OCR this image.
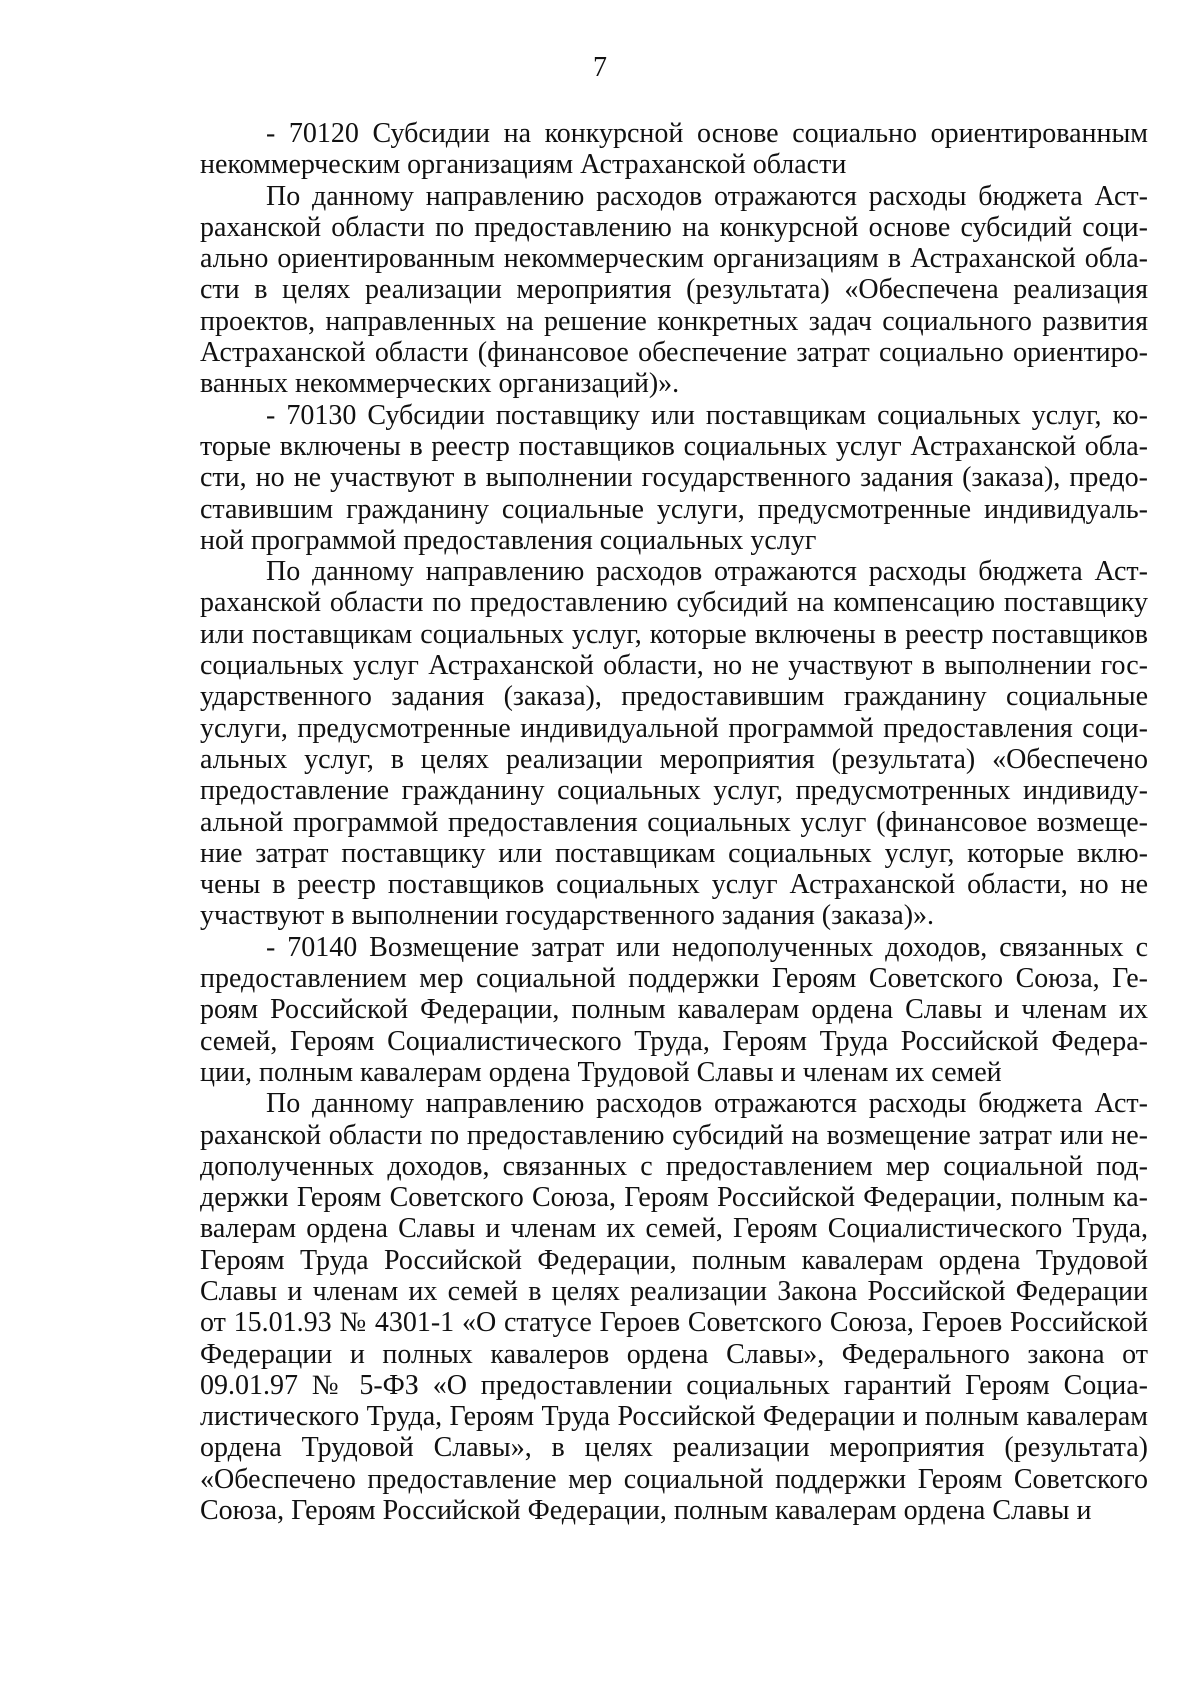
7

- 70120 Субсидии на конкурсной основе социально ориентированным некоммерческим организациям Астраханской области

По данному направлению расходов отражаются расходы бюджета Астраханской области по предоставлению на конкурсной основе субсидий социально ориентированным некоммерческим организациям в Астраханской области в целях реализации мероприятия (результата) «Обеспечена реализация проектов, направленных на решение конкретных задач социального развития Астраханской области (финансовое обеспечение затрат социально ориентированных некоммерческих организаций)».

- 70130 Субсидии поставщику или поставщикам социальных услуг, которые включены в реестр поставщиков социальных услуг Астраханской области, но не участвуют в выполнении государственного задания (заказа), предоставившим гражданину социальные услуги, предусмотренные индивидуальной программой предоставления социальных услуг

По данному направлению расходов отражаются расходы бюджета Астраханской области по предоставлению субсидий на компенсацию поставщику или поставщикам социальных услуг, которые включены в реестр поставщиков социальных услуг Астраханской области, но не участвуют в выполнении государственного задания (заказа), предоставившим гражданину социальные услуги, предусмотренные индивидуальной программой предоставления социальных услуг, в целях реализации мероприятия (результата) «Обеспечено предоставление гражданину социальных услуг, предусмотренных индивидуальной программой предоставления социальных услуг (финансовое возмещение затрат поставщику или поставщикам социальных услуг, которые включены в реестр поставщиков социальных услуг Астраханской области, но не участвуют в выполнении государственного задания (заказа)».

- 70140 Возмещение затрат или недополученных доходов, связанных с предоставлением мер социальной поддержки Героям Советского Союза, Героям Российской Федерации, полным кавалерам ордена Славы и членам их семей, Героям Социалистического Труда, Героям Труда Российской Федерации, полным кавалерам ордена Трудовой Славы и членам их семей

По данному направлению расходов отражаются расходы бюджета Астраханской области по предоставлению субсидий на возмещение затрат или недополученных доходов, связанных с предоставлением мер социальной поддержки Героям Советского Союза, Героям Российской Федерации, полным кавалерам ордена Славы и членам их семей, Героям Социалистического Труда, Героям Труда Российской Федерации, полным кавалерам ордена Трудовой Славы и членам их семей в целях реализации Закона Российской Федерации от 15.01.93 № 4301-1 «О статусе Героев Советского Союза, Героев Российской Федерации и полных кавалеров ордена Славы», Федерального закона от 09.01.97 № 5-ФЗ «О предоставлении социальных гарантий Героям Социалистического Труда, Героям Труда Российской Федерации и полным кавалерам ордена Трудовой Славы», в целях реализации мероприятия (результата) «Обеспечено предоставление мер социальной поддержки Героям Советского Союза, Героям Российской Федерации, полным кавалерам ордена Славы и
